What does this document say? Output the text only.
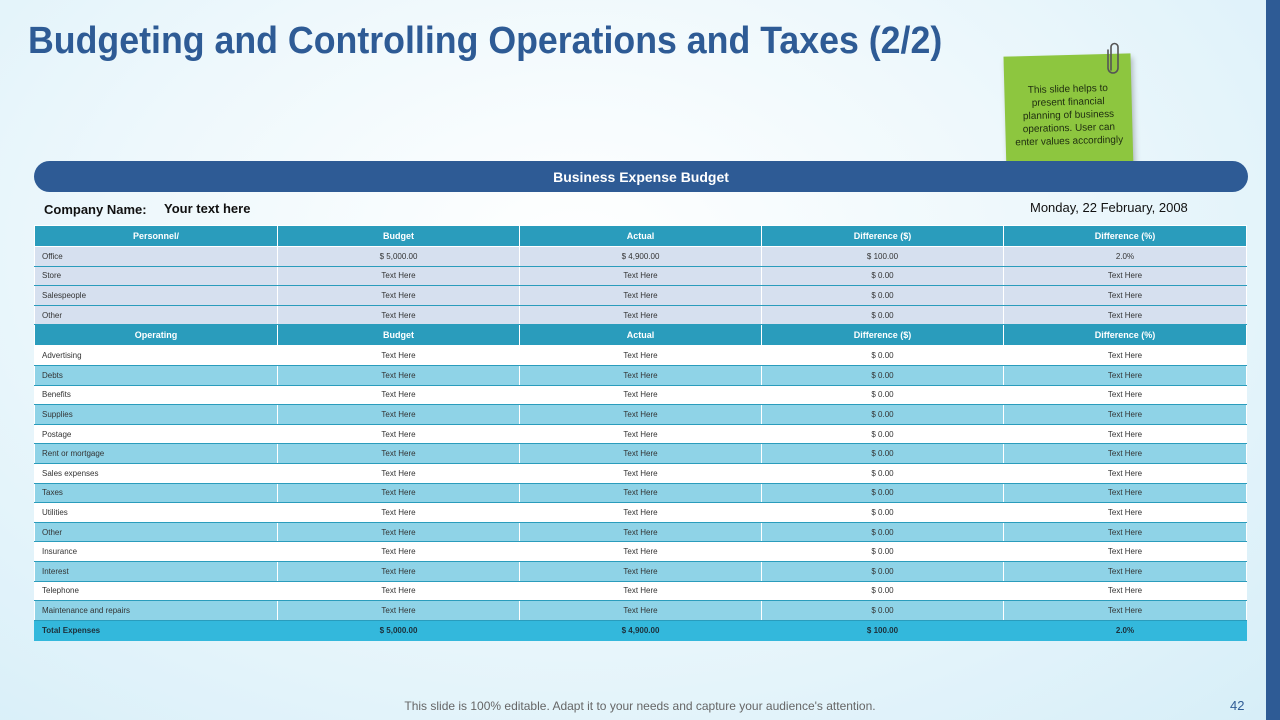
Budgeting and Controlling Operations and Taxes (2/2)
This slide helps to present financial planning of business operations. User can enter values accordingly
Business Expense Budget
Company Name: Your text here	Monday, 22 February, 2008
Personnel/	Budget	Actual	Difference ($)	Difference (%)
Office	$ 5,000.00	$ 4,900.00	$ 100.00	2.0%
Store	Text Here	Text Here	$ 0.00	Text Here
Salespeople	Text Here	Text Here	$ 0.00	Text Here
Other	Text Here	Text Here	$ 0.00	Text Here
Operating	Budget	Actual	Difference ($)	Difference (%)
Advertising	Text Here	Text Here	$ 0.00	Text Here
Debts	Text Here	Text Here	$ 0.00	Text Here
Benefits	Text Here	Text Here	$ 0.00	Text Here
Supplies	Text Here	Text Here	$ 0.00	Text Here
Postage	Text Here	Text Here	$ 0.00	Text Here
Rent or mortgage	Text Here	Text Here	$ 0.00	Text Here
Sales expenses	Text Here	Text Here	$ 0.00	Text Here
Taxes	Text Here	Text Here	$ 0.00	Text Here
Utilities	Text Here	Text Here	$ 0.00	Text Here
Other	Text Here	Text Here	$ 0.00	Text Here
Insurance	Text Here	Text Here	$ 0.00	Text Here
Interest	Text Here	Text Here	$ 0.00	Text Here
Telephone	Text Here	Text Here	$ 0.00	Text Here
Maintenance and repairs	Text Here	Text Here	$ 0.00	Text Here
Total Expenses	$ 5,000.00	$ 4,900.00	$ 100.00	2.0%
This slide is 100% editable. Adapt it to your needs and capture your audience's attention.	42
